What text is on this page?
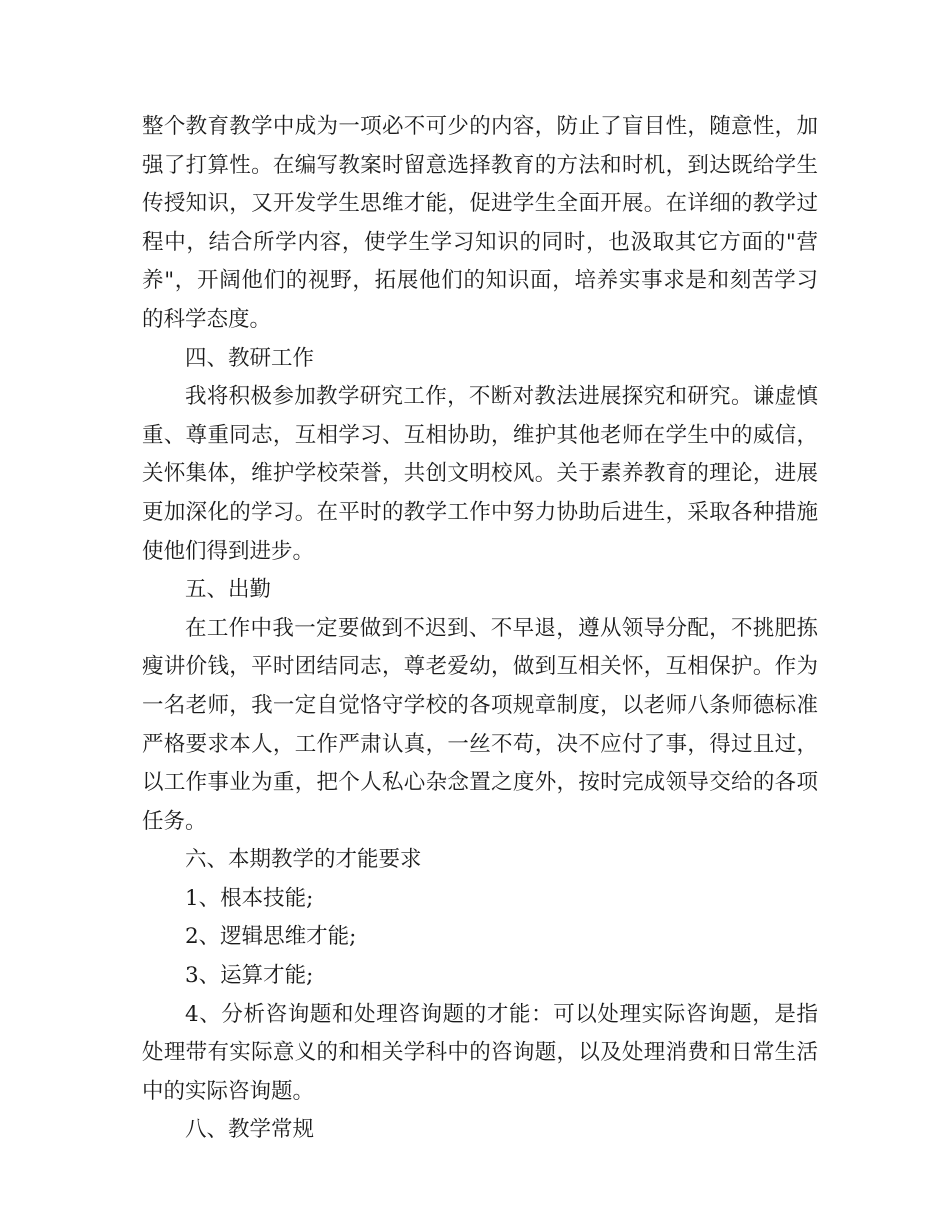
整个教育教学中成为一项必不可少的内容，防止了盲目性，随意性，加强了打算性。在编写教案时留意选择教育的方法和时机，到达既给学生传授知识，又开发学生思维才能，促进学生全面开展。在详细的教学过程中，结合所学内容，使学生学习知识的同时，也汲取其它方面的"营养"，开阔他们的视野，拓展他们的知识面，培养实事求是和刻苦学习的科学态度。

四、教研工作

我将积极参加教学研究工作，不断对教法进展探究和研究。谦虚慎重、尊重同志，互相学习、互相协助，维护其他老师在学生中的威信，关怀集体，维护学校荣誉，共创文明校风。关于素养教育的理论，进展更加深化的学习。在平时的教学工作中努力协助后进生，采取各种措施使他们得到进步。

五、出勤

在工作中我一定要做到不迟到、不早退，遵从领导分配，不挑肥拣瘦讲价钱，平时团结同志，尊老爱幼，做到互相关怀，互相保护。作为一名老师，我一定自觉恪守学校的各项规章制度，以老师八条师德标准严格要求本人，工作严肃认真，一丝不苟，决不应付了事，得过且过，以工作事业为重，把个人私心杂念置之度外，按时完成领导交给的各项任务。

六、本期教学的才能要求

1、根本技能;

2、逻辑思维才能;

3、运算才能;

4、分析咨询题和处理咨询题的才能：可以处理实际咨询题，是指处理带有实际意义的和相关学科中的咨询题，以及处理消费和日常生活中的实际咨询题。

八、教学常规
